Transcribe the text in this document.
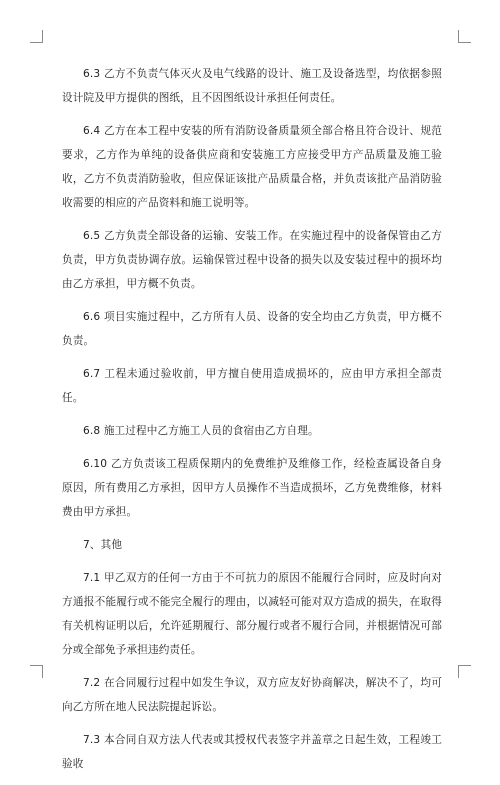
6.3 乙方不负责气体灭火及电气线路的设计、施工及设备选型，均依据参照设计院及甲方提供的图纸，且不因图纸设计承担任何责任。

6.4 乙方在本工程中安装的所有消防设备质量须全部合格且符合设计、规范要求，乙方作为单纯的设备供应商和安装施工方应接受甲方产品质量及施工验收，乙方不负责消防验收，但应保证该批产品质量合格，并负责该批产品消防验收需要的相应的产品资料和施工说明等。

6.5 乙方负责全部设备的运输、安装工作。在实施过程中的设备保管由乙方负责，甲方负责协调存放。运输保管过程中设备的损失以及安装过程中的损坏均由乙方承担，甲方概不负责。

6.6 项目实施过程中，乙方所有人员、设备的安全均由乙方负责，甲方概不负责。

6.7 工程未通过验收前，甲方擅自使用造成损坏的，应由甲方承担全部责任。

6.8 施工过程中乙方施工人员的食宿由乙方自理。

6.10 乙方负责该工程质保期内的免费维护及维修工作，经检查属设备自身原因，所有费用乙方承担，因甲方人员操作不当造成损坏，乙方免费维修，材料费由甲方承担。

7、其他

7.1 甲乙双方的任何一方由于不可抗力的原因不能履行合同时，应及时向对方通报不能履行或不能完全履行的理由，以减轻可能对双方造成的损失，在取得有关机构证明以后，允许延期履行、部分履行或者不履行合同，并根据情况可部分或全部免予承担违约责任。

7.2 在合同履行过程中如发生争议，双方应友好协商解决，解决不了，均可向乙方所在地人民法院提起诉讼。

7.3 本合同自双方法人代表或其授权代表签字并盖章之日起生效，工程竣工验收
